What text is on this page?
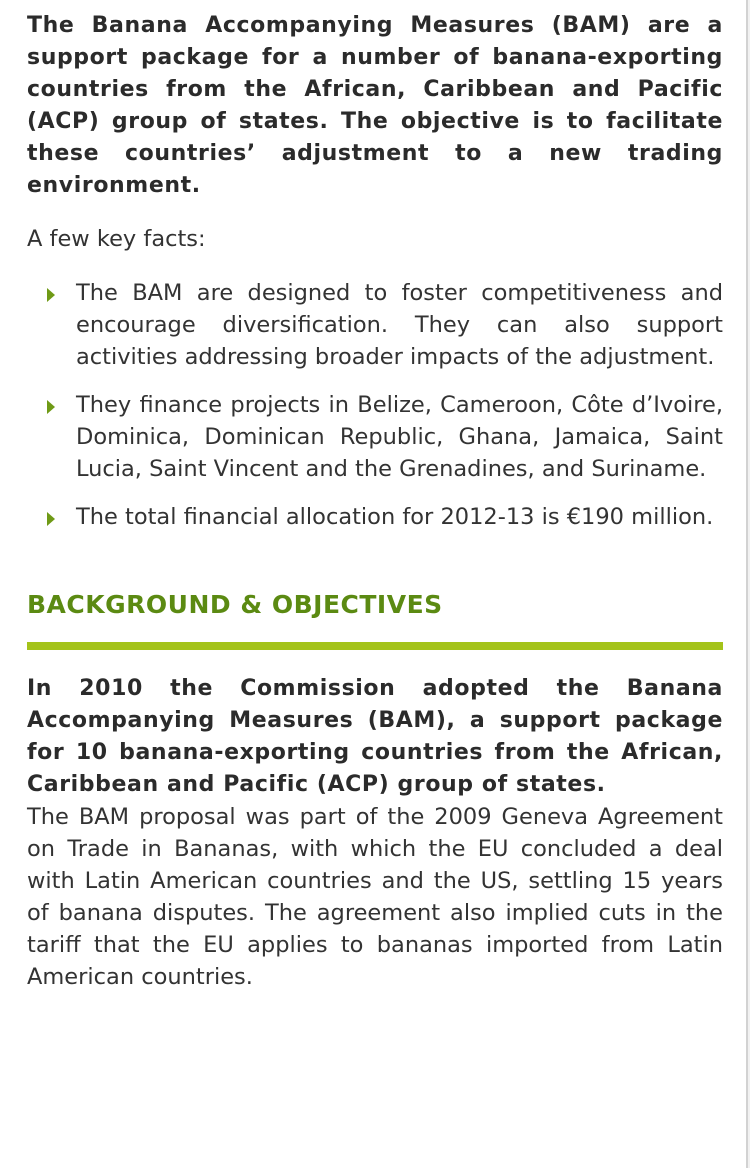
The Banana Accompanying Measures (BAM) are a support package for a number of banana-exporting countries from the African, Caribbean and Pacific (ACP) group of states. The objective is to facilitate these countries’ adjustment to a new trading environment.

A few key facts:

The BAM are designed to foster competitiveness and encourage diversification. They can also support activities addressing broader impacts of the adjustment.
They finance projects in Belize, Cameroon, Côte d’Ivoire, Dominica, Dominican Republic, Ghana, Jamaica, Saint Lucia, Saint Vincent and the Grenadines, and Suriname.
The total financial allocation for 2012-13 is €190 million.
BACKGROUND & OBJECTIVES

In 2010 the Commission adopted the Banana Accompanying Measures (BAM), a support package for 10 banana-exporting countries from the African, Caribbean and Pacific (ACP) group of states.

The BAM proposal was part of the 2009 Geneva Agreement on Trade in Bananas, with which the EU concluded a deal with Latin American countries and the US, settling 15 years of banana disputes. The agreement also implied cuts in the tariff that the EU applies to bananas imported from Latin American countries.
